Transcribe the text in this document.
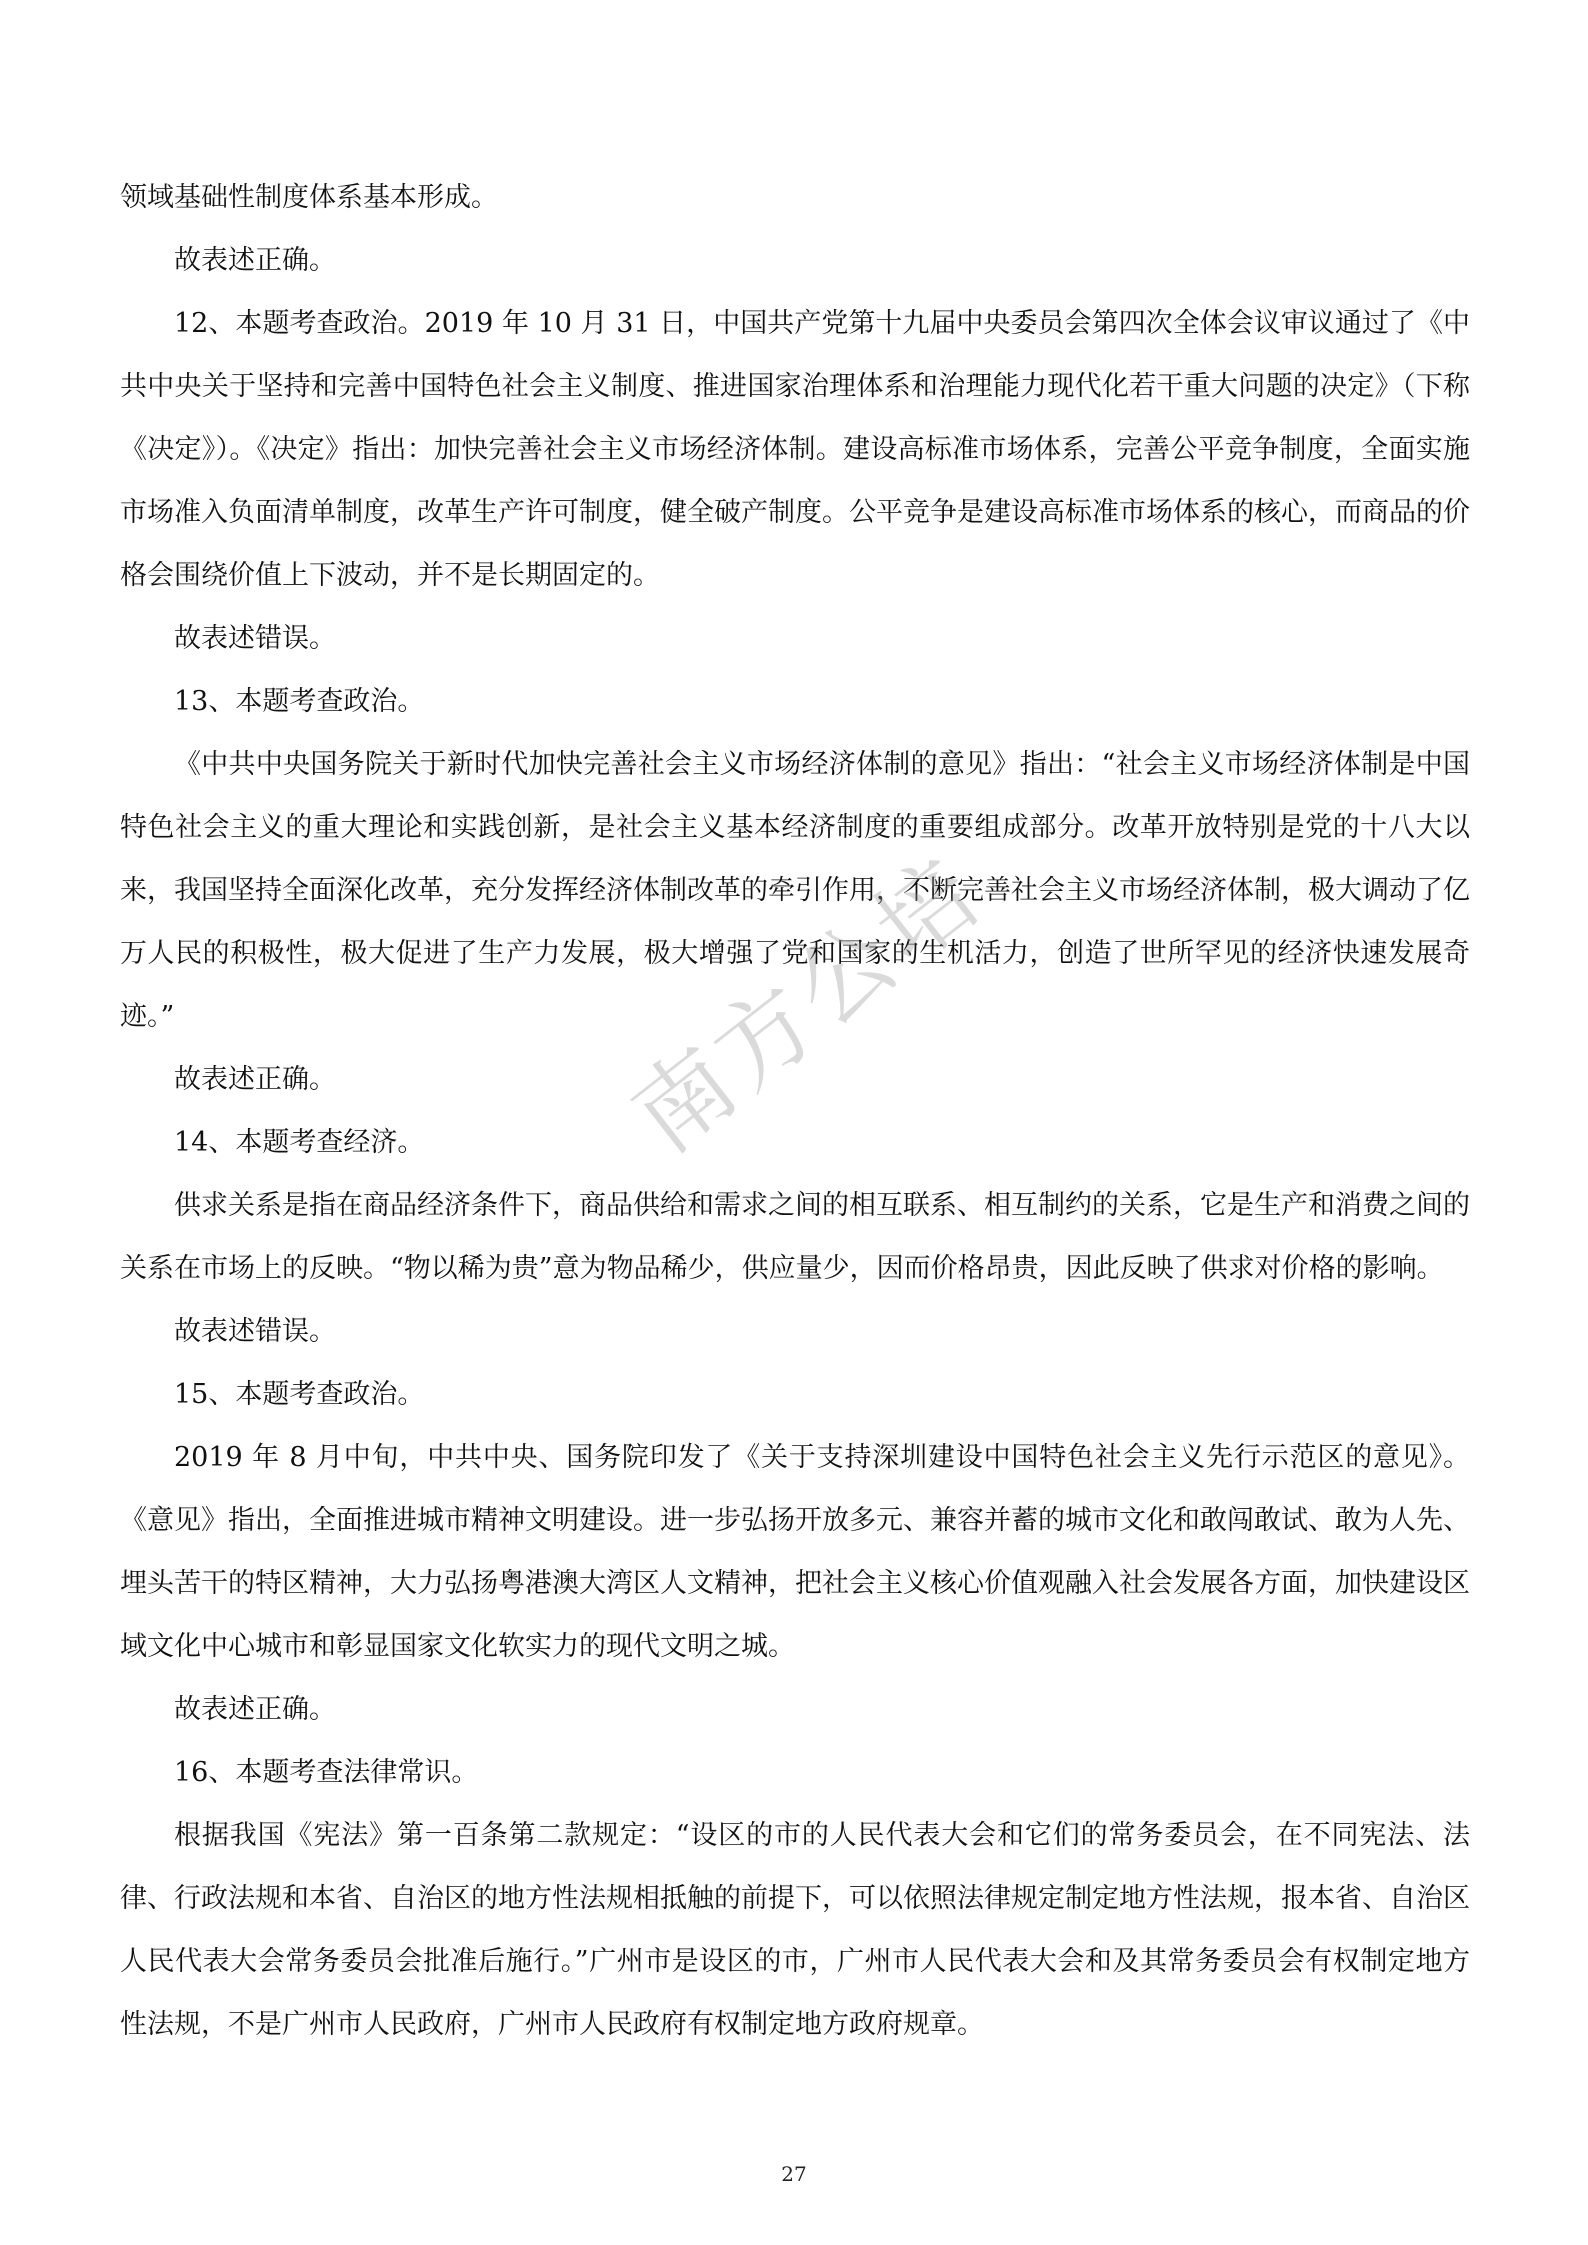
领域基础性制度体系基本形成。

故表述正确。

12、本题考查政治。2019 年 10 月 31 日，中国共产党第十九届中央委员会第四次全体会议审议通过了《中共中央关于坚持和完善中国特色社会主义制度、推进国家治理体系和治理能力现代化若干重大问题的决定》（下称《决定》）。《决定》指出：加快完善社会主义市场经济体制。建设高标准市场体系，完善公平竞争制度，全面实施市场准入负面清单制度，改革生产许可制度，健全破产制度。公平竞争是建设高标准市场体系的核心，而商品的价格会围绕价值上下波动，并不是长期固定的。

故表述错误。

13、本题考查政治。

《中共中央国务院关于新时代加快完善社会主义市场经济体制的意见》指出：“社会主义市场经济体制是中国特色社会主义的重大理论和实践创新，是社会主义基本经济制度的重要组成部分。改革开放特别是党的十八大以来，我国坚持全面深化改革，充分发挥经济体制改革的牵引作用，不断完善社会主义市场经济体制，极大调动了亿万人民的积极性，极大促进了生产力发展，极大增强了党和国家的生机活力，创造了世所罕见的经济快速发展奇迹。”

故表述正确。

14、本题考查经济。

供求关系是指在商品经济条件下，商品供给和需求之间的相互联系、相互制约的关系，它是生产和消费之间的关系在市场上的反映。“物以稀为贵”意为物品稀少，供应量少，因而价格昂贵，因此反映了供求对价格的影响。

故表述错误。

15、本题考查政治。

2019 年 8 月中旬，中共中央、国务院印发了《关于支持深圳建设中国特色社会主义先行示范区的意见》。《意见》指出，全面推进城市精神文明建设。进一步弘扬开放多元、兼容并蓄的城市文化和敢闯敢试、敢为人先、埋头苦干的特区精神，大力弘扬粤港澳大湾区人文精神，把社会主义核心价值观融入社会发展各方面，加快建设区域文化中心城市和彰显国家文化软实力的现代文明之城。

故表述正确。

16、本题考查法律常识。

根据我国《宪法》第一百条第二款规定：“设区的市的人民代表大会和它们的常务委员会，在不同宪法、法律、行政法规和本省、自治区的地方性法规相抵触的前提下，可以依照法律规定制定地方性法规，报本省、自治区人民代表大会常务委员会批准后施行。”广州市是设区的市，广州市人民代表大会和及其常务委员会有权制定地方性法规，不是广州市人民政府，广州市人民政府有权制定地方政府规章。

南方公培
27
